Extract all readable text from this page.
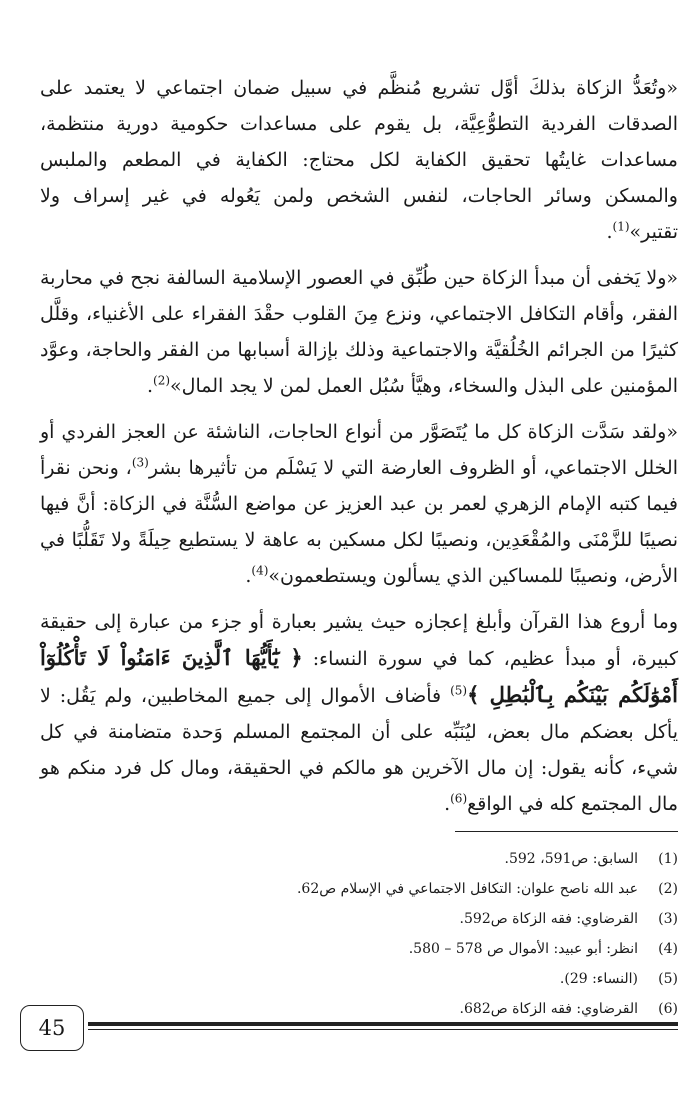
«وتُعَدُّ الزكاة بذلكَ أوَّل تشريع مُنظَّم في سبيل ضمان اجتماعي لا يعتمد على الصدقات الفردية التطوُّعِيَّة، بل يقوم على مساعدات حكومية دورية منتظمة، مساعدات غايتُها تحقيق الكفاية لكل محتاج: الكفاية في المطعم والملبس والمسكن وسائر الحاجات، لنفس الشخص ولمن يَعُوله في غير إسراف ولا تقتير»$^{(1)}$.

«ولا يَخفى أن مبدأ الزكاة حين طُبِّق في العصور الإسلامية السالفة نجح في محاربة الفقر، وأقام التكافل الاجتماعي، ونزع مِنَ القلوب حقْدَ الفقراء على الأغنياء، وقلَّل كثيرًا من الجرائم الخُلُقيَّة والاجتماعية وذلك بإزالة أسبابها من الفقر والحاجة، وعوَّد المؤمنين على البذل والسخاء، وهيَّأ سُبُل العمل لمن لا يجد المال»$^{(2)}$.

«ولقد سَدَّت الزكاة كل ما يُتَصَوَّر من أنواع الحاجات، الناشئة عن العجز الفردي أو الخلل الاجتماعي، أو الظروف العارضة التي لا يَسْلَم من تأثيرها بشر$^{(3)}$، ونحن نقرأ فيما كتبه الإمام الزهري لعمر بن عبد العزيز عن مواضع السُّنَّة في الزكاة: أنَّ فيها نصيبًا للزَّمْنَى والمُقْعَدِين، ونصيبًا لكل مسكين به عاهة لا يستطيع حِيلَةً ولا تَقَلُّبًا في الأرض، ونصيبًا للمساكين الذي يسألون ويستطعمون»$^{(4)}$.

وما أروع هذا القرآن وأبلغ إعجازه حيث يشير بعبارة أو جزء من عبارة إلى حقيقة كبيرة، أو مبدأ عظيم، كما في سورة النساء: ﴿ يَٰٓأَيُّهَا ٱلَّذِينَ ءَامَنُواْ لَا تَأْكُلُوٓاْ أَمْوَٰلَكُم بَيْنَكُم بِٱلْبَٰطِلِ ﴾$^{(5)}$ فأضاف الأموال إلى جميع المخاطبين، ولم يَقُل: لا يأكل بعضكم مال بعض، ليُنَبِّه على أن المجتمع المسلم وَحدة متضامنة في كل شيء، كأنه يقول: إن مال الآخرين هو مالكم في الحقيقة، ومال كل فرد منكم هو مال المجتمع كله في الواقع$^{(6)}$.

(1)السابق: ص591، 592.
(2)عبد الله ناصح علوان: التكافل الاجتماعي في الإسلام ص62.
(3)القرضاوي: فقه الزكاة ص592.
(4)انظر: أبو عبيد: الأموال ص 578 – 580.
(5)(النساء: 29).
(6)القرضاوي: فقه الزكاة ص682.
45
